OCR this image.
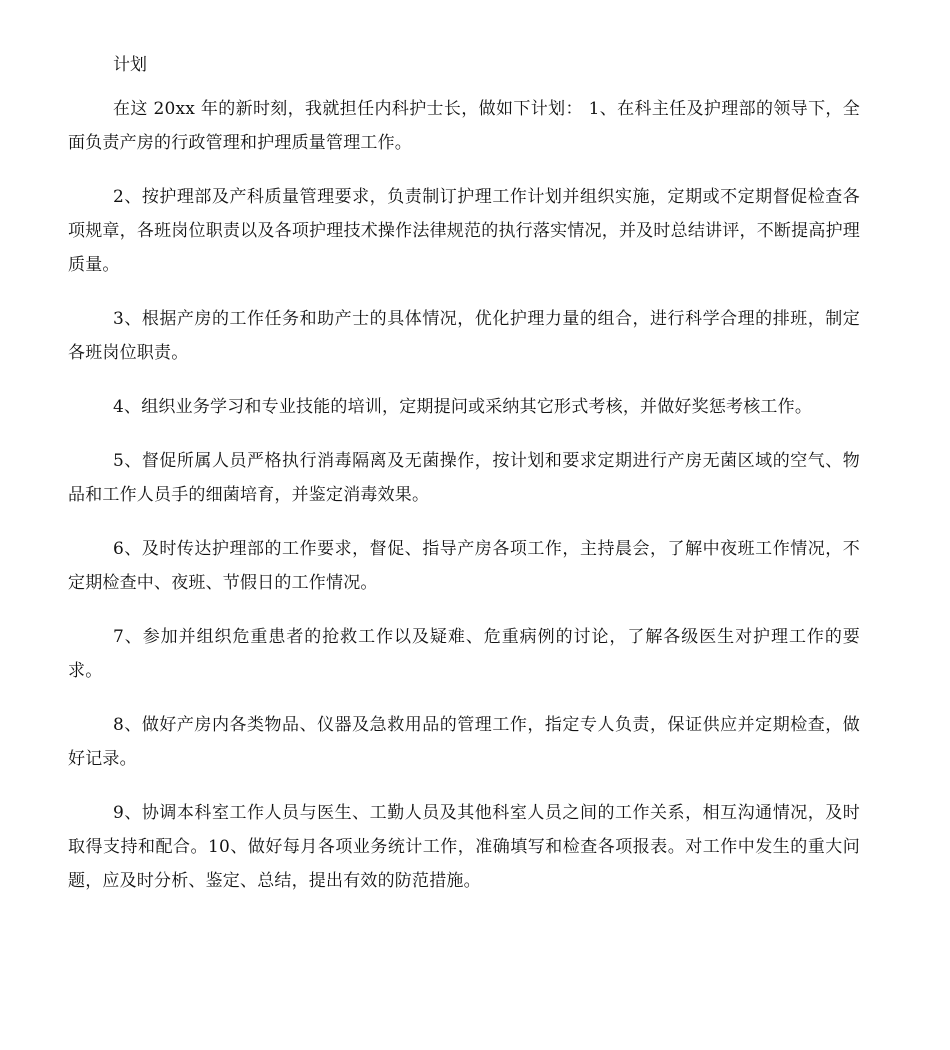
计划

在这 20xx 年的新时刻，我就担任内科护士长，做如下计划： 1、在科主任及护理部的领导下，全面负责产房的行政管理和护理质量管理工作。

2、按护理部及产科质量管理要求，负责制订护理工作计划并组织实施，定期或不定期督促检查各项规章，各班岗位职责以及各项护理技术操作法律规范的执行落实情况，并及时总结讲评，不断提高护理质量。

3、根据产房的工作任务和助产士的具体情况，优化护理力量的组合，进行科学合理的排班，制定各班岗位职责。

4、组织业务学习和专业技能的培训，定期提问或采纳其它形式考核，并做好奖惩考核工作。

5、督促所属人员严格执行消毒隔离及无菌操作，按计划和要求定期进行产房无菌区域的空气、物品和工作人员手的细菌培育，并鉴定消毒效果。

6、及时传达护理部的工作要求，督促、指导产房各项工作，主持晨会，了解中夜班工作情况，不定期检查中、夜班、节假日的工作情况。

7、参加并组织危重患者的抢救工作以及疑难、危重病例的讨论，了解各级医生对护理工作的要求。

8、做好产房内各类物品、仪器及急救用品的管理工作，指定专人负责，保证供应并定期检查，做好记录。

9、协调本科室工作人员与医生、工勤人员及其他科室人员之间的工作关系，相互沟通情况，及时取得支持和配合。10、做好每月各项业务统计工作，准确填写和检查各项报表。对工作中发生的重大问题，应及时分析、鉴定、总结，提出有效的防范措施。
